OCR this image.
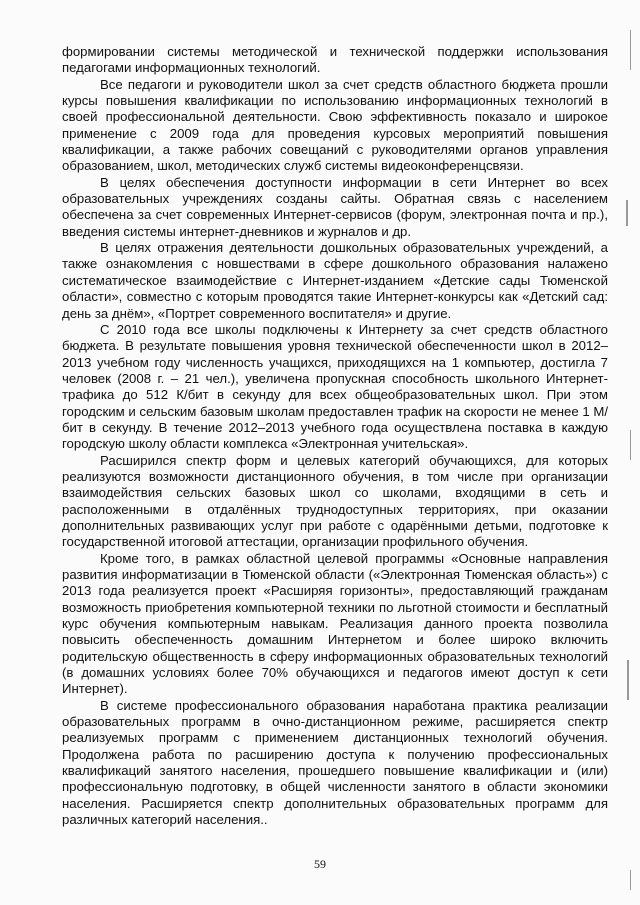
формировании системы методической и технической поддержки использования педагогами информационных технологий.

Все педагоги и руководители школ за счет средств областного бюджета прошли курсы повышения квалификации по использованию информационных технологий в своей профессиональной деятельности. Свою эффективность показало и широкое применение с 2009 года для проведения курсовых мероприятий повышения квалификации, а также рабочих совещаний с руководителями органов управления образованием, школ, методических служб системы видеоконференцсвязи.

В целях обеспечения доступности информации в сети Интернет во всех образовательных учреждениях созданы сайты. Обратная связь с населением обеспечена за счет современных Интернет-сервисов (форум, электронная почта и пр.), введения системы интернет-дневников и журналов и др.

В целях отражения деятельности дошкольных образовательных учреждений, а также ознакомления с новшествами в сфере дошкольного образования налажено систематическое взаимодействие с Интернет-изданием «Детские сады Тюменской области», совместно с которым проводятся такие Интернет-конкурсы как «Детский сад: день за днём», «Портрет современного воспитателя» и другие.

С 2010 года все школы подключены к Интернету за счет средств областного бюджета. В результате повышения уровня технической обеспеченности школ в 2012–2013 учебном году численность учащихся, приходящихся на 1 компьютер, достигла 7 человек (2008 г. – 21 чел.), увеличена пропускная способность школьного Интернет-трафика до 512 К/бит в секунду для всех общеобразовательных школ. При этом городским и сельским базовым школам предоставлен трафик на скорости не менее 1 М/бит в секунду. В течение 2012–2013 учебного года осуществлена поставка в каждую городскую школу области комплекса «Электронная учительская».

Расширился спектр форм и целевых категорий обучающихся, для которых реализуются возможности дистанционного обучения, в том числе при организации взаимодействия сельских базовых школ со школами, входящими в сеть и расположенными в отдалённых труднодоступных территориях, при оказании дополнительных развивающих услуг при работе с одарёнными детьми, подготовке к государственной итоговой аттестации, организации профильного обучения.

Кроме того, в рамках областной целевой программы «Основные направления развития информатизации в Тюменской области («Электронная Тюменская область») с 2013 года реализуется проект «Расширяя горизонты», предоставляющий гражданам возможность приобретения компьютерной техники по льготной стоимости и бесплатный курс обучения компьютерным навыкам. Реализация данного проекта позволила повысить обеспеченность домашним Интернетом и более широко включить родительскую общественность в сферу информационных образовательных технологий (в домашних условиях более 70% обучающихся и педагогов имеют доступ к сети Интернет).

В системе профессионального образования наработана практика реализации образовательных программ в очно-дистанционном режиме, расширяется спектр реализуемых программ с применением дистанционных технологий обучения. Продолжена работа по расширению доступа к получению профессиональных квалификаций занятого населения, прошедшего повышение квалификации и (или) профессиональную подготовку, в общей численности занятого в области экономики населения. Расширяется спектр дополнительных образовательных программ для различных категорий населения..

59
